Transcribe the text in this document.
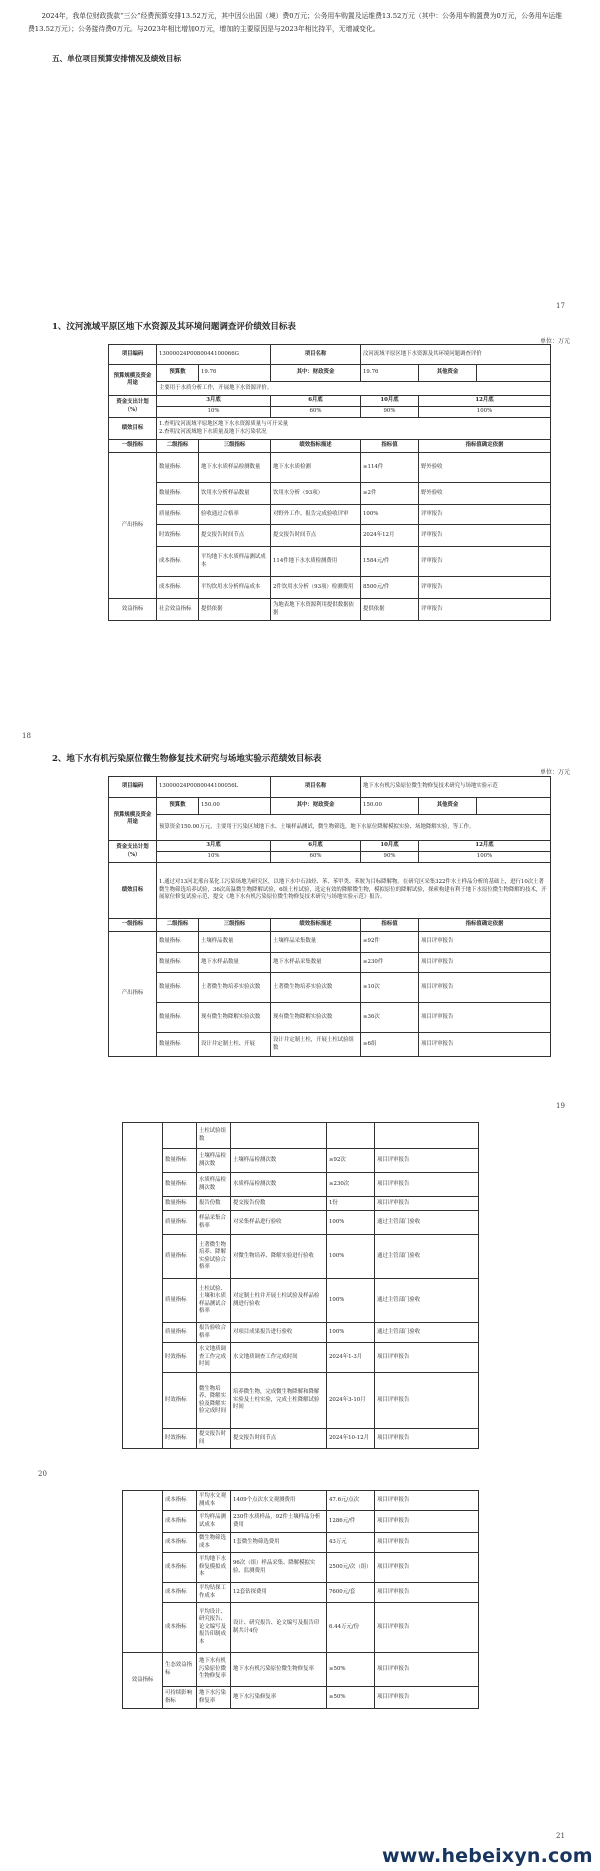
2024年，我单位财政拨款“三公”经费预算安排13.52万元，其中因公出国（境）费0万元；公务用车购置及运维费13.52万元（其中：公务用车购置费为0万元，公务用车运维费13.52万元）；公务接待费0万元。与2023年相比增加0万元，增加的主要原因是与2023年相比持平，无增减变化。
五、单位项目预算安排情况及绩效目标
17
1、汶河流域平原区地下水资源及其环境问题调查评价绩效目标表
单位：万元
项目编码	13000024P0080044100066G		项目名称	汶河流域平原区地下水资源及其环境问题调查评价		
预算规模及资金用途	预算数	19.76	其中：财政资金	19.76	其他资金	
	主要用于水质分析工作，开展地下水资源评价。					
资金支出计划（%）	3月底		6月底	10月底	12月底	
	10%		60%	90%	100%	
绩效目标	1.查明汶河流域平原地区地下水水资源质量与可开采量
2.查明汶河流域地下水质量及地下水污染状况					
一级指标	二级指标	三级指标	绩效指标描述	指标值	指标值确定依据	
产出指标	数量指标	地下水水质样品检测数量	地下水水质检测	≥114件	野外验收	
	数量指标	饮用水分析样品数量	饮用水分析（93项）	≥2件	野外验收	
	质量指标	验收通过合格率	对野外工作、报告完成验收评审	100%	评审报告	
	时效指标	提交报告时间节点	提交报告时间节点	2024年12月	评审报告	
	成本指标	平均地下水水质样品测试成本	114件地下水水质检测费用	1584元/件	评审报告	
	成本指标	平均饮用水分析样品成本	2件饮用水分析（93项）检测费用	8500元/件	评审报告	
效益指标	社会效益指标	提供依据	为地表地下水资源利用提供数据依据	提供依据	评审报告	
18
2、地下水有机污染原位微生物修复技术研究与场地实验示范绩效目标表
单位：万元
项目编码	13000024P0080044100056L		项目名称	地下水有机污染原位微生物修复技术研究与场地实验示范		
预算规模及资金用途	预算数	150.00	其中：财政资金	150.00	其他资金	
	预算资金150.00万元，主要用于污染区域地下水、土壤样品测试，微生物筛选，地下水原位降解模拟实验、场地降解实验，等工作。					
资金支出计划（%）	3月底		6月底	10月底	12月底	
	10%		60%	90%	100%	
绩效目标	1.通过对13河北邢台某化工污染场地为研究区，以地下水中石油烃、苯、苯甲类、苯胺为目标降解物。在研究区采集322件水土样品分析的基础上，进行10次土著微生物筛选培养试验，36次高温微生物降解试验，6组土柱试验，选定有效的降解微生物，模拟原位的降解试验，探索构建有利于地下水原位微生物降解的技术，开展原位修复试验示范，提交《地下水有机污染原位微生物修复技术研究与场地实验示范》报告。					
一级指标	二级指标	三级指标	绩效指标描述	指标值	指标值确定依据	
产出指标	数量指标	土壤样品数量	土壤样品采集数量	≥92件	项目评审报告	
	数量指标	地下水样品数量	地下水样品采集数量	≥230件	项目评审报告	
	数量指标	土著微生物培养实验次数	土著微生物培养实验次数	≥10次	项目评审报告	
	数量指标	现有微生物降解实验次数	现有微生物降解实验次数	≥36次	项目评审报告	
	数量指标	设计并定制土柱、开展	设计并定制土柱，开展土柱试验组数	≥6组	项目评审报告	
19
		土柱试验组数			
	数量指标	土壤样品检测次数	土壤样品检测次数	≥92次	项目评审报告
	数量指标	水质样品检测次数	水质样品检测次数	≥230次	项目评审报告
	数量指标	报告份数	提交报告份数	1份	项目评审报告
	质量指标	样品采集合格率	对采集样品进行验收	100%	通过主管部门验收
	质量指标	土著微生物培养、降解实验试验合格率	对微生物培养、降解实验进行验收	100%	通过主管部门验收
	质量指标	土柱试验、土壤和水质样品测试合格率	对定制土柱并开展土柱试验及样品检测进行验收	100%	通过主管部门验收
	质量指标	报告验收合格率	对项目成果报告进行验收	100%	通过主管部门验收
	时效指标	水文地质调查工作完成时间	水文地质调查工作完成时间	2024年1-3月	项目评审报告
	时效指标	微生物培养、降解实验及降解实验完成时间	培养微生物，完成微生物降解和降解实验及土柱实验，完成土柱降解试验时间	2024年3-10月	项目评审报告
	时效指标	提交报告时间	提交报告时间节点	2024年10-12月	项目评审报告
20
	成本指标	平均水文观测成本	1409个点次水文观测费用	47.6元/点次	项目评审报告
	成本指标	平均样品测试成本	230件水质样品，92件土壤样品分析费用	1286元/件	项目评审报告
	成本指标	微生物筛选成本	1套微生物筛选费用	43万元	项目评审报告
	成本指标	平均地下水修复模拟成本	96次（组）样品采集、降解模拟实验、监测费用	2500元/次（组）	项目评审报告
	成本指标	平均钻探工作成本	12套钻探费用	7600元/套	项目评审报告
	成本指标	平均设计、研究报告、论文编写及报告印制成本	设计、研究报告、论文编写及报告印制共计4份	6.44万元/份	项目评审报告
效益指标	生态效益指标	地下水有机污染原位微生物修复率	地下水有机污染原位微生物修复率	≥50%	项目评审报告
	可持续影响指标	地下水污染修复率	地下水污染修复率	≥50%	项目评审报告
21
www.hebeixyn.com
